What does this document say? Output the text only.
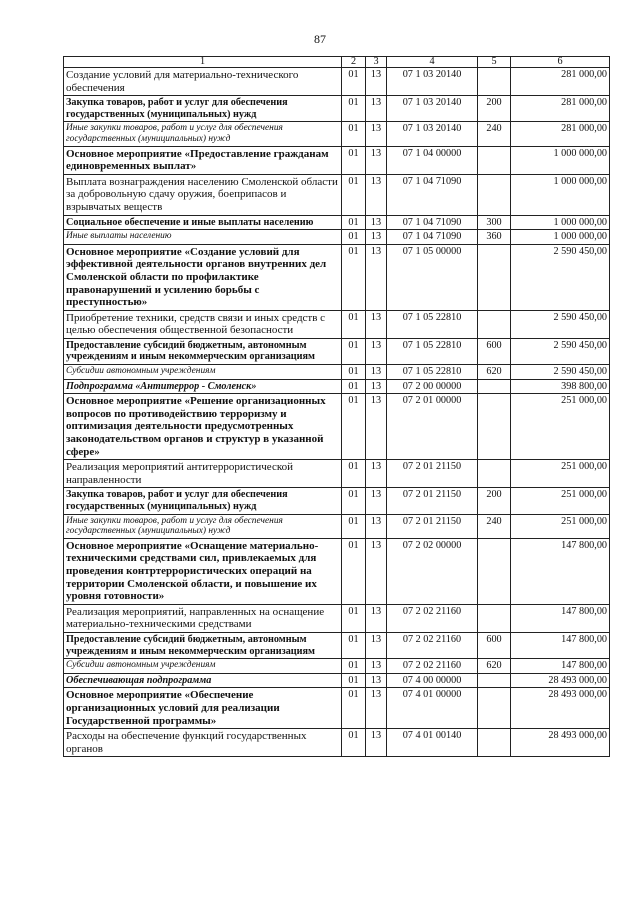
87
1	2	3	4	5	6
Создание условий для материально-технического обеспечения	01	13	07 1 03 20140		281 000,00
Закупка товаров, работ и услуг для обеспечения государственных (муниципальных) нужд	01	13	07 1 03 20140	200	281 000,00
Иные закупки товаров, работ и услуг для обеспечения государственных (муниципальных) нужд	01	13	07 1 03 20140	240	281 000,00
Основное мероприятие «Предоставление гражданам единовременных выплат»	01	13	07 1 04 00000		1 000 000,00
Выплата вознаграждения населению Смоленской области за добровольную сдачу оружия, боеприпасов и взрывчатых веществ	01	13	07 1 04 71090		1 000 000,00
Социальное обеспечение и иные выплаты населению	01	13	07 1 04 71090	300	1 000 000,00
Иные выплаты населению	01	13	07 1 04 71090	360	1 000 000,00
Основное мероприятие «Создание условий для эффективной деятельности органов внутренних дел Смоленской области по профилактике правонарушений и усилению борьбы с преступностью»	01	13	07 1 05 00000		2 590 450,00
Приобретение техники, средств связи и иных средств с целью обеспечения общественной безопасности	01	13	07 1 05 22810		2 590 450,00
Предоставление субсидий бюджетным, автономным учреждениям и иным некоммерческим организациям	01	13	07 1 05 22810	600	2 590 450,00
Субсидии автономным учреждениям	01	13	07 1 05 22810	620	2 590 450,00
Подпрограмма «Антитеррор - Смоленск»	01	13	07 2 00 00000		398 800,00
Основное мероприятие «Решение организационных вопросов по противодействию терроризму и оптимизация деятельности предусмотренных законодательством органов и структур в указанной сфере»	01	13	07 2 01 00000		251 000,00
Реализация мероприятий антитеррористической направленности	01	13	07 2 01 21150		251 000,00
Закупка товаров, работ и услуг для обеспечения государственных (муниципальных) нужд	01	13	07 2 01 21150	200	251 000,00
Иные закупки товаров, работ и услуг для обеспечения государственных (муниципальных) нужд	01	13	07 2 01 21150	240	251 000,00
Основное мероприятие «Оснащение материально-техническими средствами сил, привлекаемых для проведения контртеррористических операций на территории Смоленской области, и повышение их уровня готовности»	01	13	07 2 02 00000		147 800,00
Реализация мероприятий, направленных на оснащение материально-техническими средствами	01	13	07 2 02 21160		147 800,00
Предоставление субсидий бюджетным, автономным учреждениям и иным некоммерческим организациям	01	13	07 2 02 21160	600	147 800,00
Субсидии автономным учреждениям	01	13	07 2 02 21160	620	147 800,00
Обеспечивающая подпрограмма	01	13	07 4 00 00000		28 493 000,00
Основное мероприятие «Обеспечение организационных условий для реализации Государственной программы»	01	13	07 4 01 00000		28 493 000,00
Расходы на обеспечение функций государственных органов	01	13	07 4 01 00140		28 493 000,00
